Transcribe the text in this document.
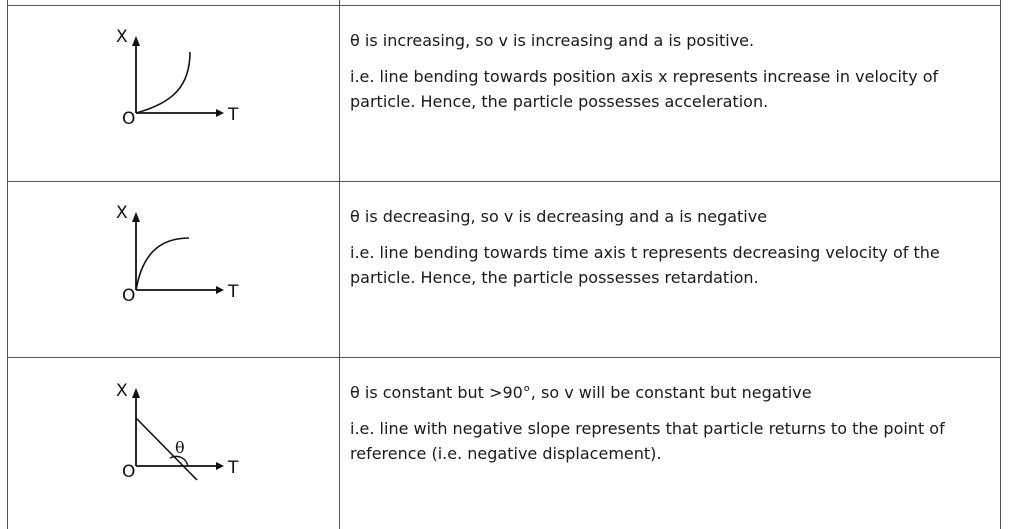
X
T
O

θ is increasing, so v is increasing and a is positive.

i.e. line bending towards position axis x represents increase in velocity of particle. Hence, the particle possesses acceleration.

X
T
O

θ is decreasing, so v is decreasing and a is negative

i.e. line bending towards time axis t represents decreasing velocity of the particle. Hence, the particle possesses retardation.

θ
X
T
O

θ is constant but >90°, so v will be constant but negative

i.e. line with negative slope represents that particle returns to the point of reference (i.e. negative displacement).
